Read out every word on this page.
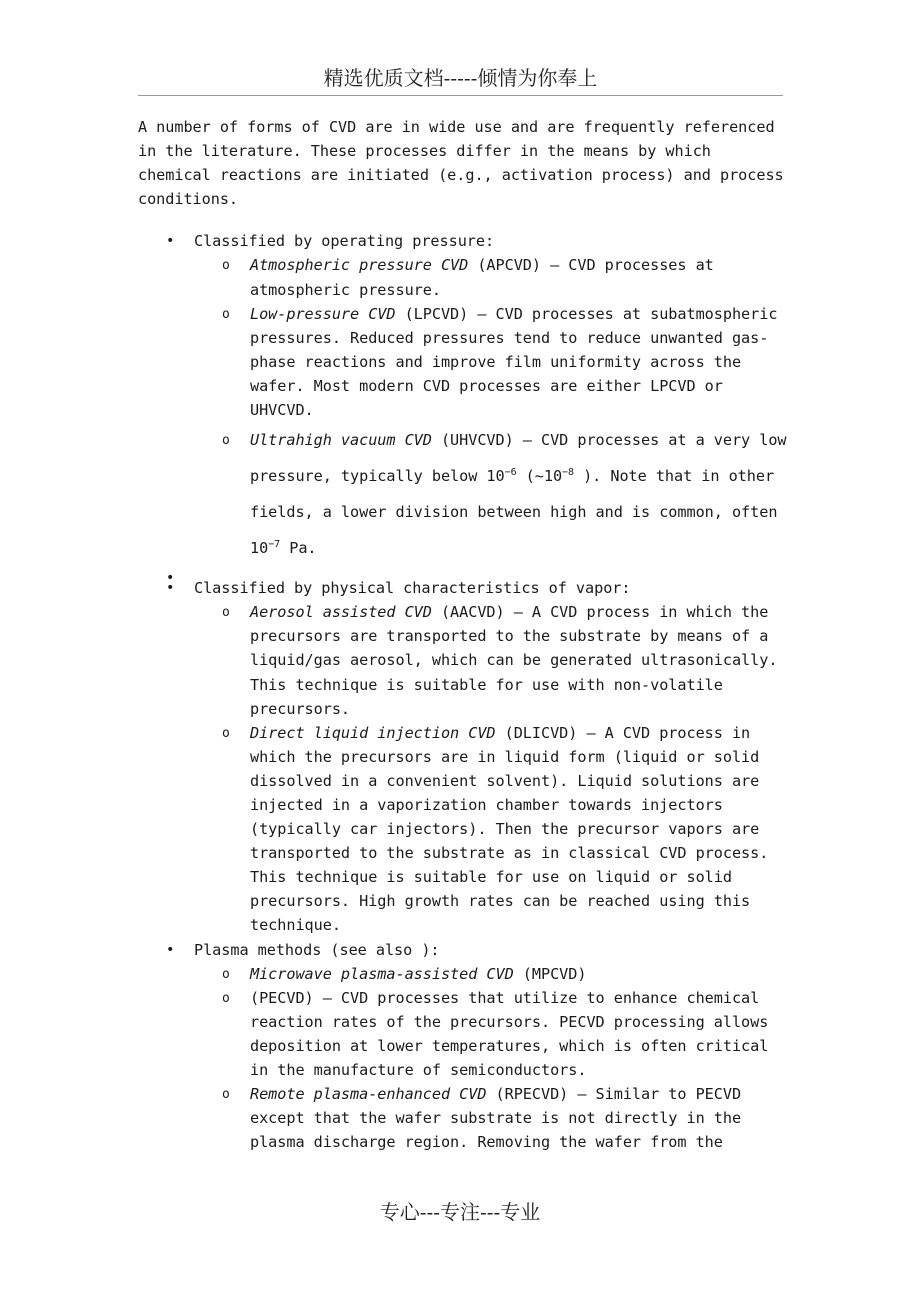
精选优质文档-----倾情为你奉上

A number of forms of CVD are in wide use and are frequently referenced in the literature. These processes differ in the means by which chemical reactions are initiated (e.g., activation process) and process conditions.

• Classified by operating pressure:
o Atmospheric pressure CVD (APCVD) – CVD processes at atmospheric pressure.
o Low-pressure CVD (LPCVD) – CVD processes at subatmospheric pressures. Reduced pressures tend to reduce unwanted gas-phase reactions and improve film uniformity across the wafer. Most modern CVD processes are either LPCVD or UHVCVD.
o Ultrahigh vacuum CVD (UHVCVD) – CVD processes at a very low pressure, typically below $10^{-6}$ ($\sim 10^{-8}$ ). Note that in other fields, a lower division between high and is common, often $10^{-7}$ Pa.
•
• Classified by physical characteristics of vapor:
o Aerosol assisted CVD (AACVD) – A CVD process in which the precursors are transported to the substrate by means of a liquid/gas aerosol, which can be generated ultrasonically. This technique is suitable for use with non-volatile precursors.
o Direct liquid injection CVD (DLICVD) – A CVD process in which the precursors are in liquid form (liquid or solid dissolved in a convenient solvent). Liquid solutions are injected in a vaporization chamber towards injectors (typically car injectors). Then the precursor vapors are transported to the substrate as in classical CVD process. This technique is suitable for use on liquid or solid precursors. High growth rates can be reached using this technique.
• Plasma methods (see also ):
o Microwave plasma-assisted CVD (MPCVD)
o (PECVD) – CVD processes that utilize to enhance chemical reaction rates of the precursors. PECVD processing allows deposition at lower temperatures, which is often critical in the manufacture of semiconductors.
o Remote plasma-enhanced CVD (RPECVD) – Similar to PECVD except that the wafer substrate is not directly in the plasma discharge region. Removing the wafer from the
专心---专注---专业
